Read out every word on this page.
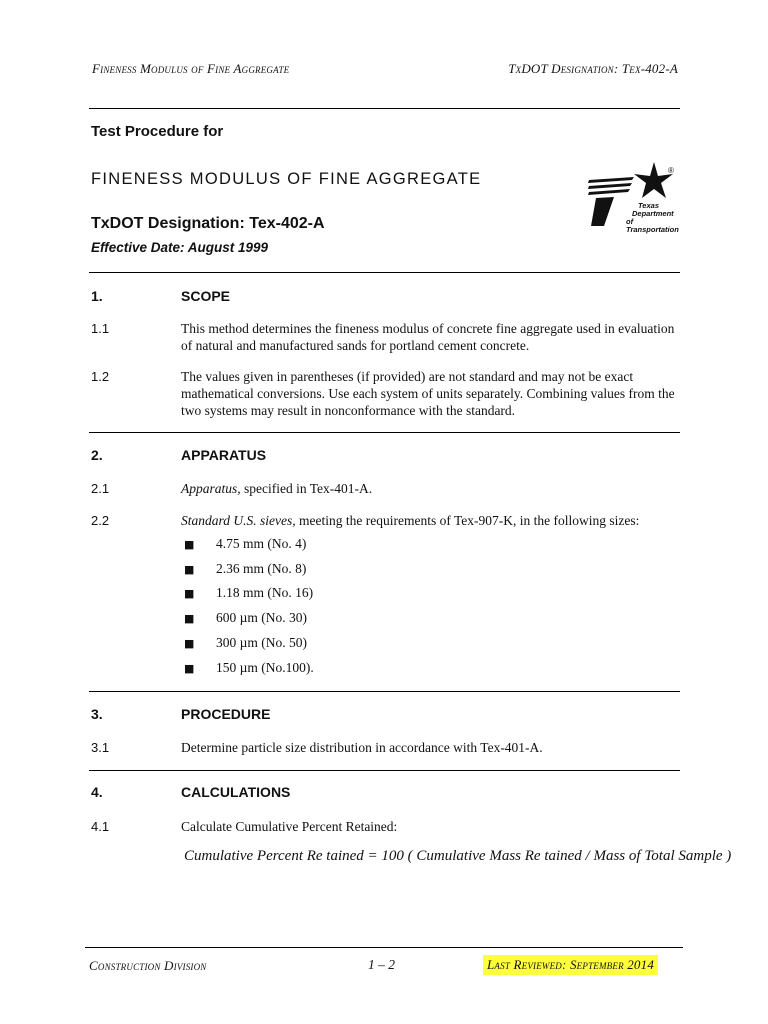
Fineness Modulus of Fine Aggregate	TxDOT Designation: Tex-402-A
Test Procedure for
FINENESS MODULUS OF FINE AGGREGATE
TxDOT Designation: Tex-402-A
Effective Date: August 1999
®
Texas
Department
of Transportation
1.	SCOPE
1.1	This method determines the fineness modulus of concrete fine aggregate used in evaluation of natural and manufactured sands for portland cement concrete.
1.2	The values given in parentheses (if provided) are not standard and may not be exact mathematical conversions. Use each system of units separately. Combining values from the two systems may result in nonconformance with the standard.
2.	APPARATUS
2.1	Apparatus, specified in Tex-401-A.
2.2	Standard U.S. sieves, meeting the requirements of Tex-907-K, in the following sizes:
■ 4.75 mm (No. 4)
■ 2.36 mm (No. 8)
■ 1.18 mm (No. 16)
■ 600 µm (No. 30)
■ 300 µm (No. 50)
■ 150 µm (No.100).
3.	PROCEDURE
3.1	Determine particle size distribution in accordance with Tex-401-A.
4.	CALCULATIONS
4.1	Calculate Cumulative Percent Retained:
Cumulative Percent Re tained = 100 ( Cumulative Mass Re tained / Mass of Total Sample )
Construction Division	1 – 2	Last Reviewed: September 2014
